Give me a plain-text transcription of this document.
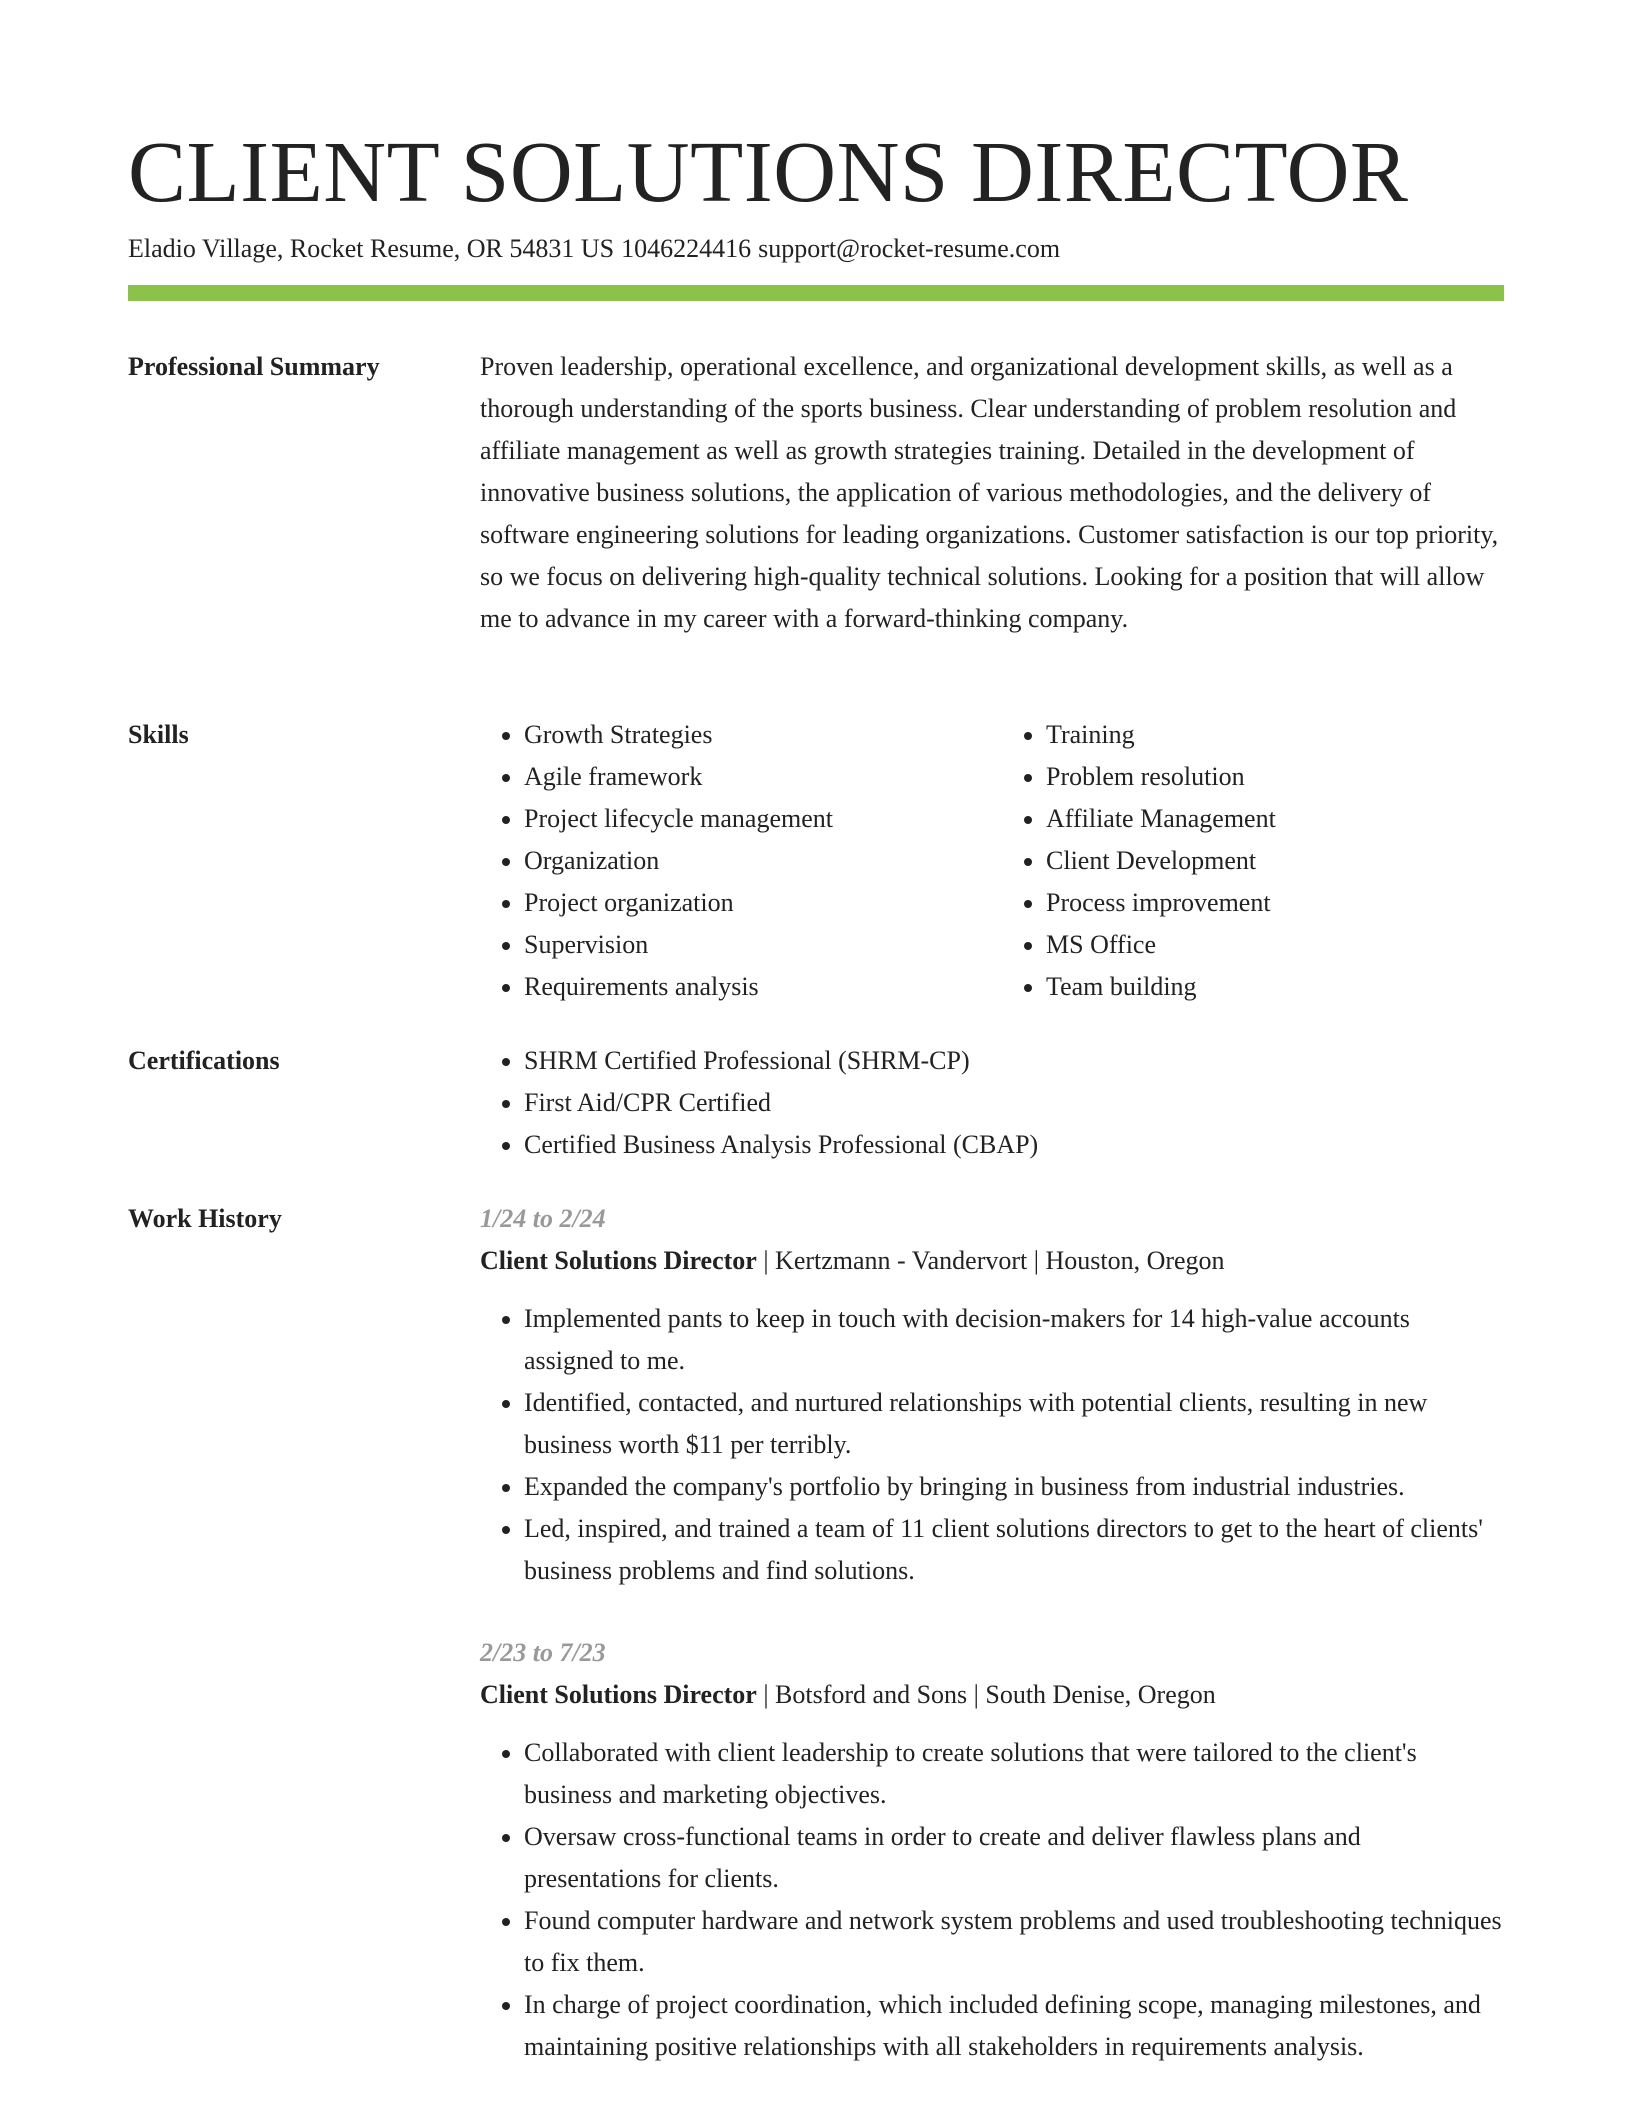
CLIENT SOLUTIONS DIRECTOR
Eladio Village, Rocket Resume, OR 54831 US 1046224416 support@rocket-resume.com
Professional Summary	Proven leadership, operational excellence, and organizational development skills, as well as a thorough understanding of the sports business. Clear understanding of problem resolution and affiliate management as well as growth strategies training. Detailed in the development of innovative business solutions, the application of various methodologies, and the delivery of software engineering solutions for leading organizations. Customer satisfaction is our top priority, so we focus on delivering high-quality technical solutions. Looking for a position that will allow me to advance in my career with a forward-thinking company.

Skills	• Growth Strategies
• Agile framework
• Project lifecycle management
• Organization
• Project organization
• Supervision
• Requirements analysis
• Training
• Problem resolution
• Affiliate Management
• Client Development
• Process improvement
• MS Office
• Team building
Certifications	• SHRM Certified Professional (SHRM-CP)
• First Aid/CPR Certified
• Certified Business Analysis Professional (CBAP)
Work History	1/24 to 2/24
Client Solutions Director | Kertzmann - Vandervort | Houston, Oregon
• Implemented pants to keep in touch with decision-makers for 14 high-value accounts assigned to me.
• Identified, contacted, and nurtured relationships with potential clients, resulting in new business worth $11 per terribly.
• Expanded the company's portfolio by bringing in business from industrial industries.
• Led, inspired, and trained a team of 11 client solutions directors to get to the heart of clients' business problems and find solutions.
2/23 to 7/23
Client Solutions Director | Botsford and Sons | South Denise, Oregon
• Collaborated with client leadership to create solutions that were tailored to the client's business and marketing objectives.
• Oversaw cross-functional teams in order to create and deliver flawless plans and presentations for clients.
• Found computer hardware and network system problems and used troubleshooting techniques to fix them.
• In charge of project coordination, which included defining scope, managing milestones, and maintaining positive relationships with all stakeholders in requirements analysis.
